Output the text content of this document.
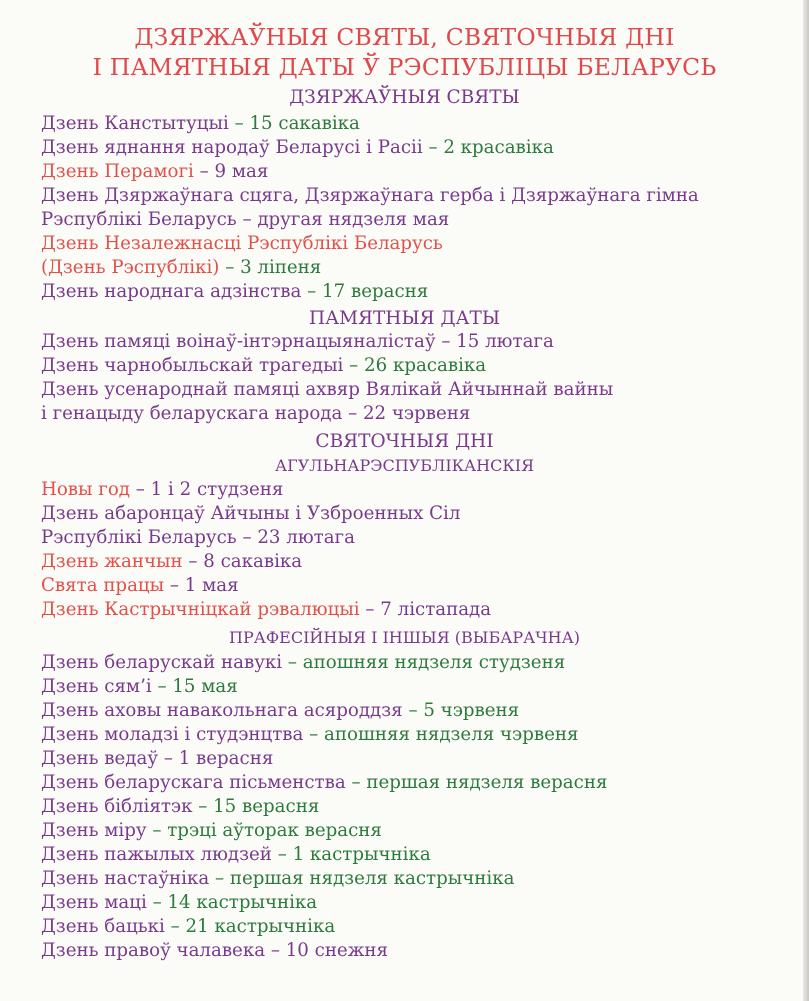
ДЗЯРЖАЎНЫЯ СВЯТЫ, СВЯТОЧНЫЯ ДНІ
І ПАМЯТНЫЯ ДАТЫ Ў РЭСПУБЛІЦЫ БЕЛАРУСЬ
ДЗЯРЖАЎНЫЯ СВЯТЫ
Дзень Канстытуцыі – 15 сакавіка
Дзень яднання народаў Беларусі і Расіі – 2 красавіка
Дзень Перамогі – 9 мая
Дзень Дзяржаўнага сцяга, Дзяржаўнага герба і Дзяржаўнага гімна
Рэспублікі Беларусь – другая нядзеля мая
Дзень Незалежнасці Рэспублікі Беларусь
(Дзень Рэспублікі) – 3 ліпеня
Дзень народнага адзінства – 17 верасня
ПАМЯТНЫЯ ДАТЫ
Дзень памяці воінаў-інтэрнацыяналістаў – 15 лютага
Дзень чарнобыльскай трагедыі – 26 красавіка
Дзень усенароднай памяці ахвяр Вялікай Айчыннай вайны
і генацыду беларускага народа – 22 чэрвеня
СВЯТОЧНЫЯ ДНІ
АГУЛЬНАРЭСПУБЛІКАНСКІЯ
Новы год – 1 і 2 студзеня
Дзень абаронцаў Айчыны і Узброенных Сіл
Рэспублікі Беларусь – 23 лютага
Дзень жанчын – 8 сакавіка
Свята працы – 1 мая
Дзень Кастрычніцкай рэвалюцыі – 7 лістапада
ПРАФЕСІЙНЫЯ І ІНШЫЯ (ВЫБАРАЧНА)
Дзень беларускай навукі – апошняя нядзеля студзеня
Дзень сям’і – 15 мая
Дзень аховы навакольнага асяроддзя – 5 чэрвеня
Дзень моладзі і студэнцтва – апошняя нядзеля чэрвеня
Дзень ведаў – 1 верасня
Дзень беларускага пісьменства – першая нядзеля верасня
Дзень бібліятэк – 15 верасня
Дзень міру – трэці аўторак верасня
Дзень пажылых людзей – 1 кастрычніка
Дзень настаўніка – першая нядзеля кастрычніка
Дзень маці – 14 кастрычніка
Дзень бацькі – 21 кастрычніка
Дзень правоў чалавека – 10 снежня
